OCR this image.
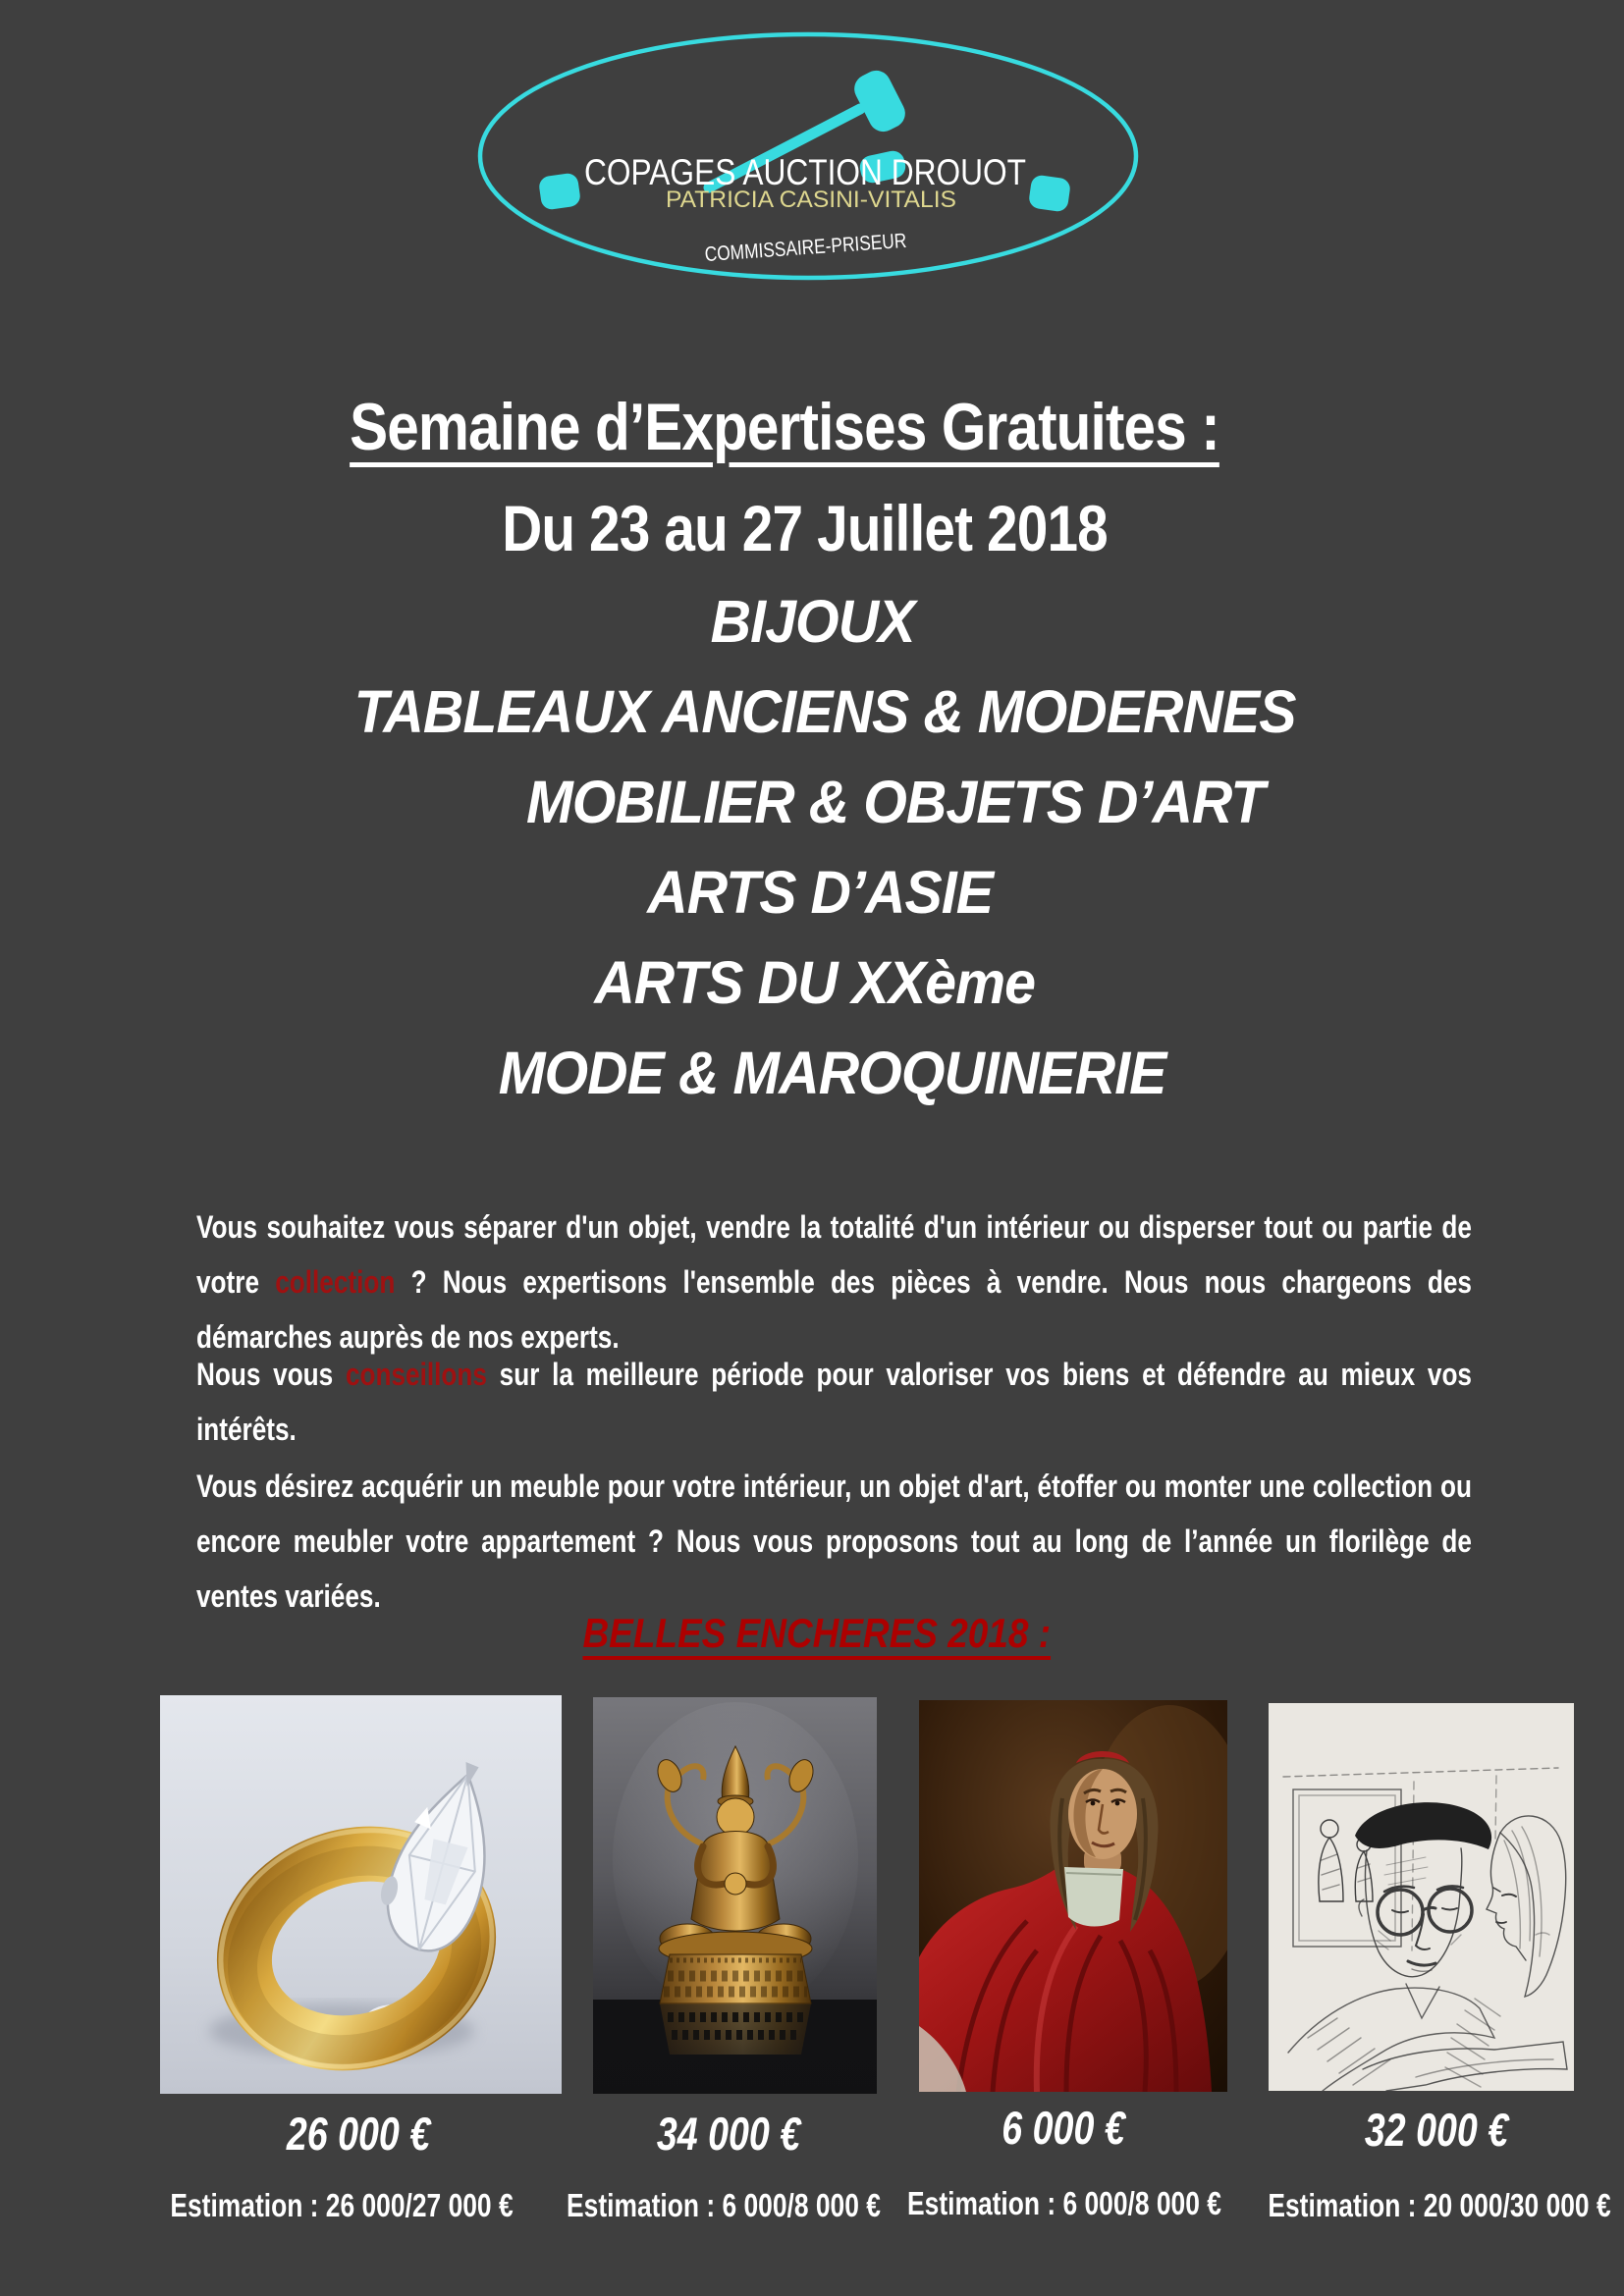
COPAGES AUCTION DROUOT
PATRICIA CASINI-VITALIS
COMMISSAIRE-PRISEUR
Semaine d’Expertises Gratuites :
Du 23 au 27 Juillet 2018
BIJOUX
TABLEAUX ANCIENS & MODERNES
MOBILIER & OBJETS D’ART
ARTS D’ASIE
ARTS DU XXème
MODE & MAROQUINERIE

Vous souhaitez vous séparer d'un objet, vendre la totalité d'un intérieur ou disperser tout ou partie de votre collection ? Nous expertisons l'ensemble des pièces à vendre. Nous nous chargeons des démarches auprès de nos experts.

Nous vous conseillons sur la meilleure période pour valoriser vos biens et défendre au mieux vos intérêts.

Vous désirez acquérir un meuble pour votre intérieur, un objet d'art, étoffer ou monter une collection ou encore meubler votre appartement ? Nous vous proposons tout au long de l’année un florilège de ventes variées.

BELLES ENCHERES 2018 :
26 000 €	34 000 €	6 000 €	32 000 €
Estimation : 26 000/27 000 € Estimation : 6 000/8 000 € Estimation : 6 000/8 000 € Estimation : 20 000/30 000 €
